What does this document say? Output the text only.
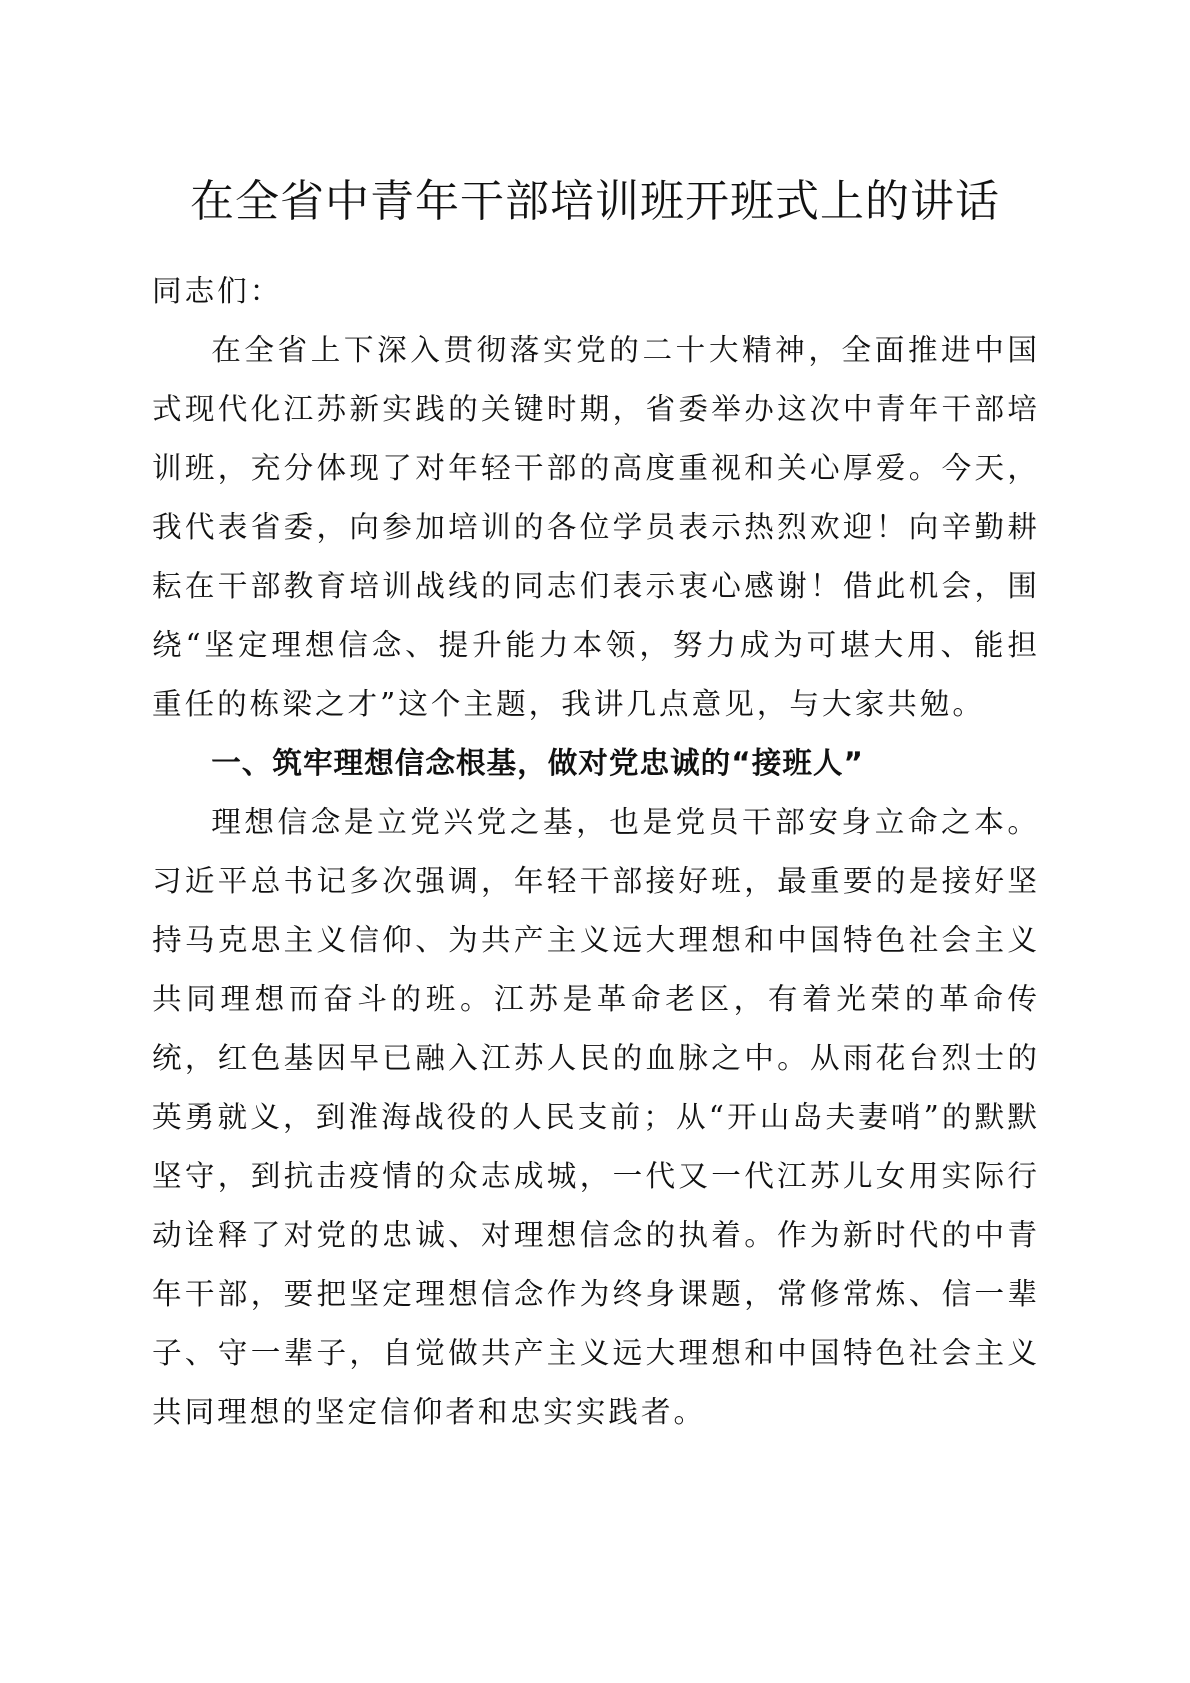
在全省中青年干部培训班开班式上的讲话

同志们：

在全省上下深入贯彻落实党的二十大精神，全面推进中国式现代化江苏新实践的关键时期，省委举办这次中青年干部培训班，充分体现了对年轻干部的高度重视和关心厚爱。今天，我代表省委，向参加培训的各位学员表示热烈欢迎！向辛勤耕耘在干部教育培训战线的同志们表示衷心感谢！借此机会，围绕“坚定理想信念、提升能力本领，努力成为可堪大用、能担重任的栋梁之才”这个主题，我讲几点意见，与大家共勉。

一、筑牢理想信念根基，做对党忠诚的“接班人”

理想信念是立党兴党之基，也是党员干部安身立命之本。习近平总书记多次强调，年轻干部接好班，最重要的是接好坚持马克思主义信仰、为共产主义远大理想和中国特色社会主义共同理想而奋斗的班。江苏是革命老区，有着光荣的革命传统，红色基因早已融入江苏人民的血脉之中。从雨花台烈士的英勇就义，到淮海战役的人民支前；从“开山岛夫妻哨”的默默坚守，到抗击疫情的众志成城，一代又一代江苏儿女用实际行动诠释了对党的忠诚、对理想信念的执着。作为新时代的中青年干部，要把坚定理想信念作为终身课题，常修常炼、信一辈子、守一辈子，自觉做共产主义远大理想和中国特色社会主义共同理想的坚定信仰者和忠实实践者。
